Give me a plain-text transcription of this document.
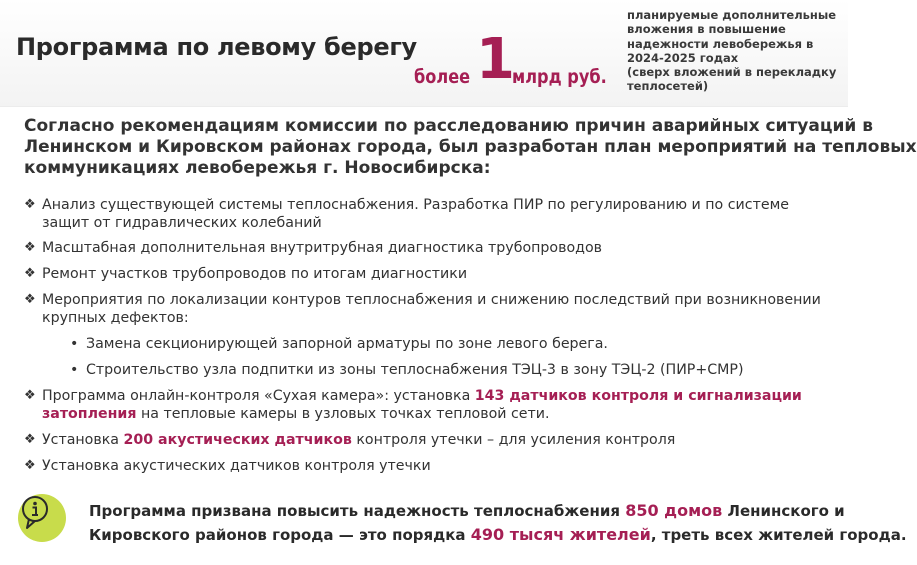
Программа по левому берегу
более 1
млрд руб.
планируемые дополнительные
вложения в повышение
надежности левобережья в
2024-2025 годах
(сверх вложений в перекладку
теплосетей)
Согласно рекомендациям комиссии по расследованию причин аварийных ситуаций в
Ленинском и Кировском районах города, был разработан план мероприятий на тепловых
коммуникациях левобережья г. Новосибирска:
❖ Анализ существующей системы теплоснабжения. Разработка ПИР по регулированию и по системе
защит от гидравлических колебаний
❖ Масштабная дополнительная внутритрубная диагностика трубопроводов
❖ Ремонт участков трубопроводов по итогам диагностики
❖ Мероприятия по локализации контуров теплоснабжения и снижению последствий при возникновении
крупных дефектов:
• Замена секционирующей запорной арматуры по зоне левого берега.
• Строительство узла подпитки из зоны теплоснабжения ТЭЦ-3 в зону ТЭЦ-2 (ПИР+СМР)
❖ Программа онлайн-контроля «Сухая камера»: установка 143 датчиков контроля и сигнализации
затопления на тепловые камеры в узловых точках тепловой сети.
❖ Установка 200 акустических датчиков контроля утечки – для усиления контроля
❖ Установка акустических датчиков контроля утечки
Программа призвана повысить надежность теплоснабжения 850 домов Ленинского и
Кировского районов города — это порядка 490 тысяч жителей, треть всех жителей города.
